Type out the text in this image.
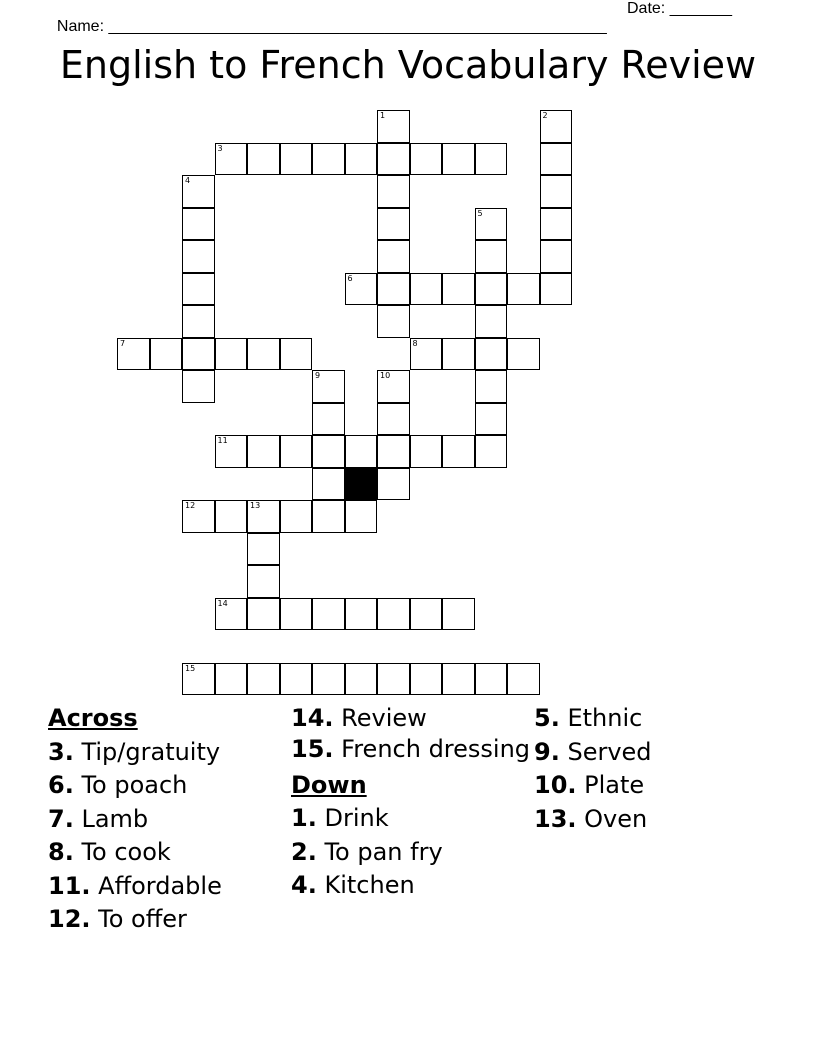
Name: ________________________________________________________

Date: _______

English to French Vocabulary Review
1	2
3
4
5
6
7	8
9	10
11
12	13
14
15
Across
3. Tip/gratuity
6. To poach
7. Lamb
8. To cook
11. Affordable
12. To offer
14. Review
15. French dressing
Down
1. Drink
2. To pan fry
4. Kitchen
5. Ethnic
9. Served
10. Plate
13. Oven
